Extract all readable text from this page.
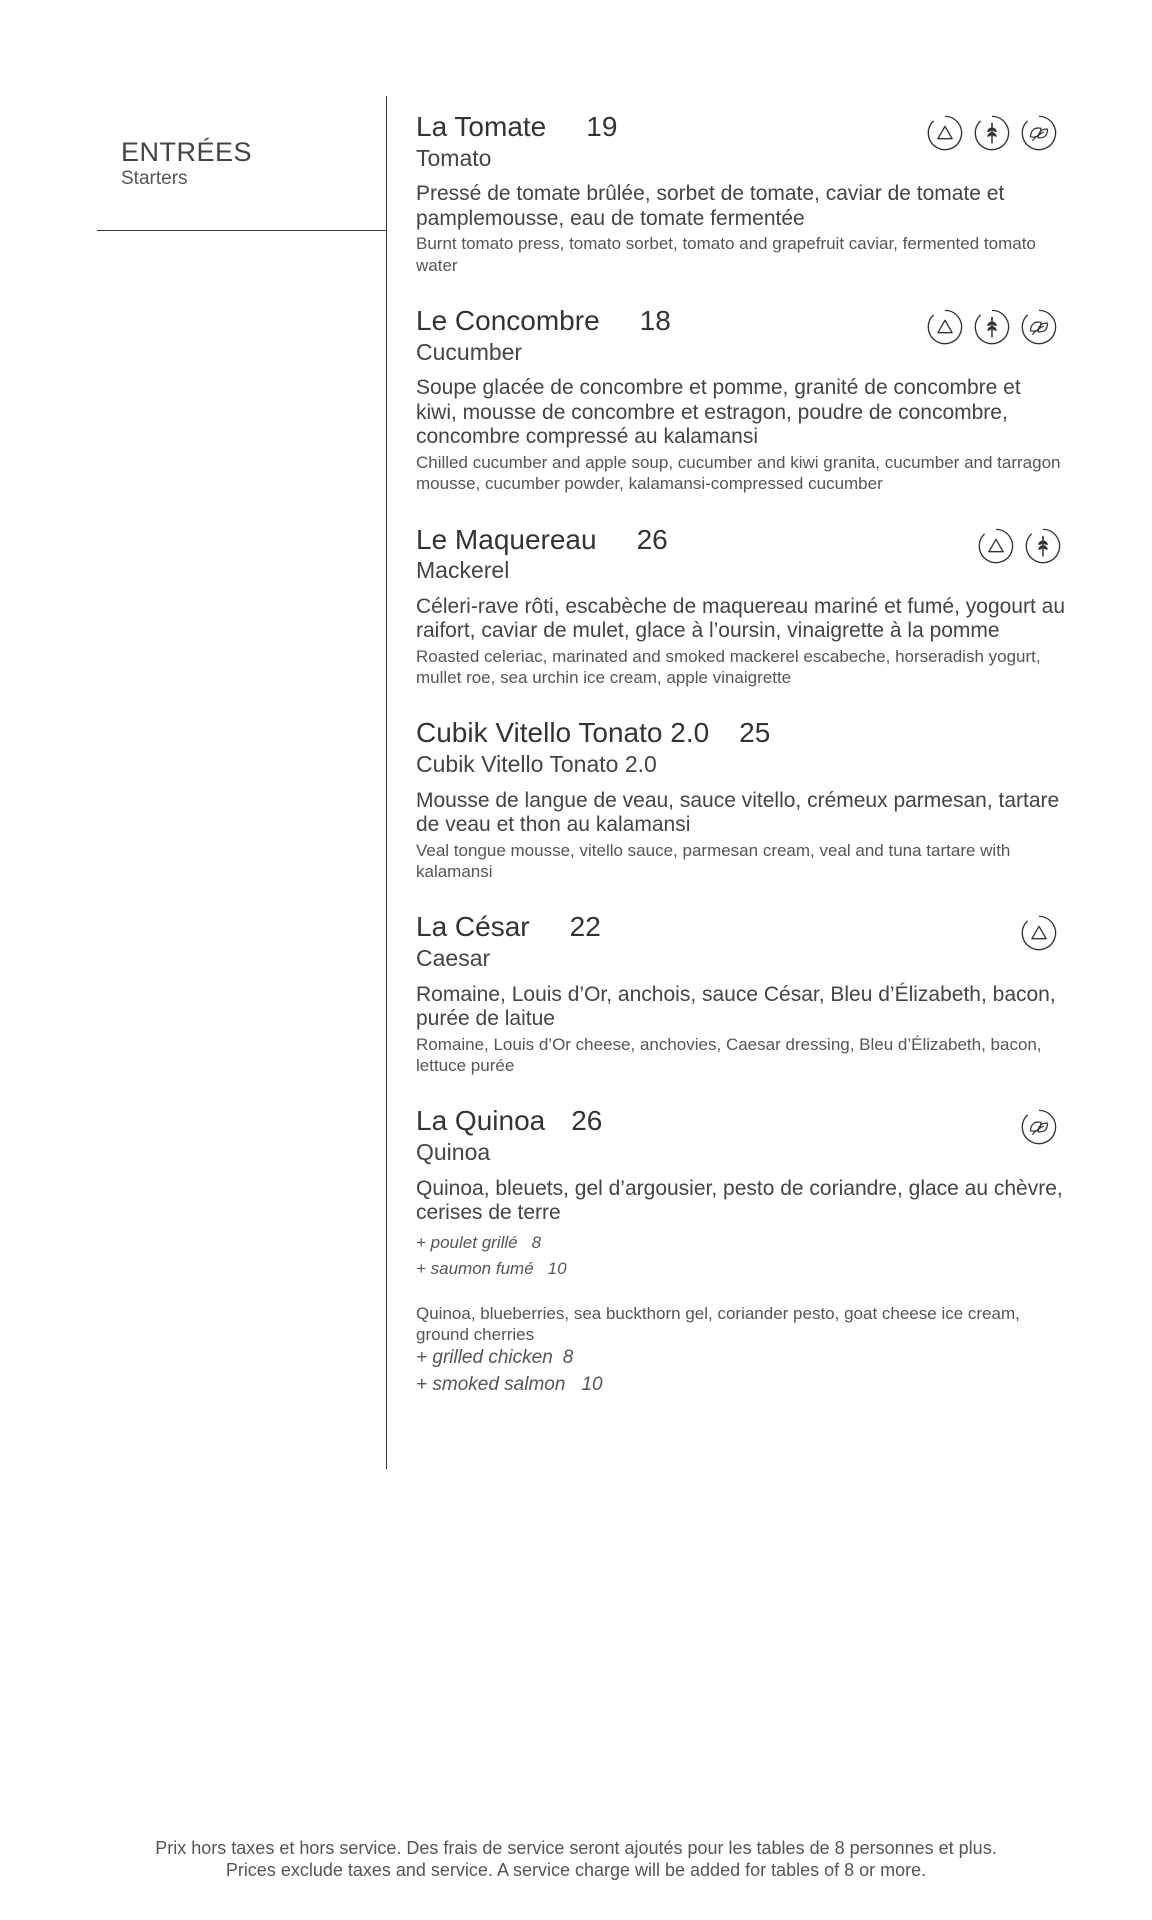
ENTRÉES
Starters
La Tomate 19
Tomato
Pressé de tomate brûlée, sorbet de tomate, caviar de tomate et pamplemousse, eau de tomate fermentée
Burnt tomato press, tomato sorbet, tomato and grapefruit caviar, fermented tomato water
Le Concombre 18
Cucumber
Soupe glacée de concombre et pomme, granité de concombre et kiwi, mousse de concombre et estragon, poudre de concombre, concombre compressé au kalamansi
Chilled cucumber and apple soup, cucumber and kiwi granita, cucumber and tarragon mousse, cucumber powder, kalamansi-compressed cucumber
Le Maquereau 26
Mackerel
Céleri-rave rôti, escabèche de maquereau mariné et fumé, yogourt au raifort, caviar de mulet, glace à l’oursin, vinaigrette à la pomme
Roasted celeriac, marinated and smoked mackerel escabeche, horseradish yogurt, mullet roe, sea urchin ice cream, apple vinaigrette
Cubik Vitello Tonato 2.0 25
Cubik Vitello Tonato 2.0
Mousse de langue de veau, sauce vitello, crémeux parmesan, tartare de veau et thon au kalamansi
Veal tongue mousse, vitello sauce, parmesan cream, veal and tuna tartare with kalamansi
La César 22
Caesar
Romaine, Louis d’Or, anchois, sauce César, Bleu d’Élizabeth, bacon, purée de laitue
Romaine, Louis d’Or cheese, anchovies, Caesar dressing, Bleu d’Élizabeth, bacon, lettuce purée
La Quinoa 26
Quinoa
Quinoa, bleuets, gel d’argousier, pesto de coriandre, glace au chèvre, cerises de terre
+ poulet grillé 8
+ saumon fumé 10
Quinoa, blueberries, sea buckthorn gel, coriander pesto, goat cheese ice cream, ground cherries
+ grilled chicken 8
+ smoked salmon 10
Prix hors taxes et hors service. Des frais de service seront ajoutés pour les tables de 8 personnes et plus.
Prices exclude taxes and service. A service charge will be added for tables of 8 or more.
